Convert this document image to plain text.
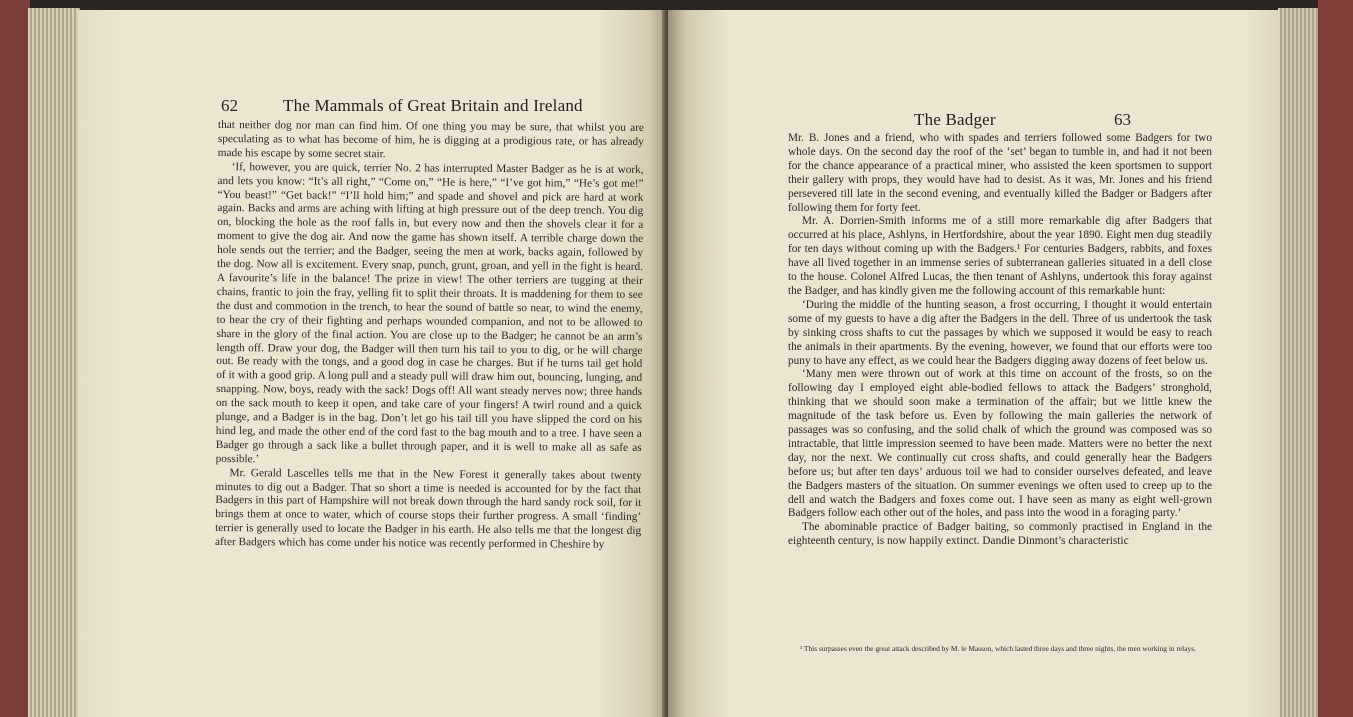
62	The Mammals of Great Britain and Ireland

that neither dog nor man can find him. Of one thing you may be sure, that whilst you are speculating as to what has become of him, he is digging at a prodigious rate, or has already made his escape by some secret stair.

‘If, however, you are quick, terrier No. 2 has interrupted Master Badger as he is at work, and lets you know: “It’s all right,” “Come on,” “He is here,” “I’ve got him,” “He’s got me!” “You beast!” “Get back!” “I’ll hold him;” and spade and shovel and pick are hard at work again. Backs and arms are aching with lifting at high pressure out of the deep trench. You dig on, blocking the hole as the roof falls in, but every now and then the shovels clear it for a moment to give the dog air. And now the game has shown itself. A terrible charge down the hole sends out the terrier; and the Badger, seeing the men at work, backs again, followed by the dog. Now all is excitement. Every snap, punch, grunt, groan, and yell in the fight is heard. A favourite’s life in the balance! The prize in view! The other terriers are tugging at their chains, frantic to join the fray, yelling fit to split their throats. It is maddening for them to see the dust and commotion in the trench, to hear the sound of battle so near, to wind the enemy, to hear the cry of their fighting and perhaps wounded companion, and not to be allowed to share in the glory of the final action. You are close up to the Badger; he cannot be an arm’s length off. Draw your dog, the Badger will then turn his tail to you to dig, or he will charge out. Be ready with the tongs, and a good dog in case he charges. But if he turns tail get hold of it with a good grip. A long pull and a steady pull will draw him out, bouncing, lunging, and snapping. Now, boys, ready with the sack! Dogs off! All want steady nerves now; three hands on the sack mouth to keep it open, and take care of your fingers! A twirl round and a quick plunge, and a Badger is in the bag. Don’t let go his tail till you have slipped the cord on his hind leg, and made the other end of the cord fast to the bag mouth and to a tree. I have seen a Badger go through a sack like a bullet through paper, and it is well to make all as safe as possible.’

Mr. Gerald Lascelles tells me that in the New Forest it generally takes about twenty minutes to dig out a Badger. That so short a time is needed is accounted for by the fact that Badgers in this part of Hampshire will not break down through the hard sandy rock soil, for it brings them at once to water, which of course stops their further progress. A small ‘finding’ terrier is generally used to locate the Badger in his earth. He also tells me that the longest dig after Badgers which has come under his notice was recently performed in Cheshire by

The Badger	63

Mr. B. Jones and a friend, who with spades and terriers followed some Badgers for two whole days. On the second day the roof of the ‘set’ began to tumble in, and had it not been for the chance appearance of a practical miner, who assisted the keen sportsmen to support their gallery with props, they would have had to desist. As it was, Mr. Jones and his friend persevered till late in the second evening, and eventually killed the Badger or Badgers after following them for forty feet.

Mr. A. Dorrien-Smith informs me of a still more remarkable dig after Badgers that occurred at his place, Ashlyns, in Hertfordshire, about the year 1890. Eight men dug steadily for ten days without coming up with the Badgers.¹ For centuries Badgers, rabbits, and foxes have all lived together in an immense series of subterranean galleries situated in a dell close to the house. Colonel Alfred Lucas, the then tenant of Ashlyns, undertook this foray against the Badger, and has kindly given me the following account of this remarkable hunt:

‘During the middle of the hunting season, a frost occurring, I thought it would entertain some of my guests to have a dig after the Badgers in the dell. Three of us undertook the task by sinking cross shafts to cut the passages by which we supposed it would be easy to reach the animals in their apartments. By the evening, however, we found that our efforts were too puny to have any effect, as we could hear the Badgers digging away dozens of feet below us.

‘Many men were thrown out of work at this time on account of the frosts, so on the following day I employed eight able-bodied fellows to attack the Badgers’ stronghold, thinking that we should soon make a termination of the affair; but we little knew the magnitude of the task before us. Even by following the main galleries the network of passages was so confusing, and the solid chalk of which the ground was composed was so intractable, that little impression seemed to have been made. Matters were no better the next day, nor the next. We continually cut cross shafts, and could generally hear the Badgers before us; but after ten days’ arduous toil we had to consider ourselves defeated, and leave the Badgers masters of the situation. On summer evenings we often used to creep up to the dell and watch the Badgers and foxes come out. I have seen as many as eight well-grown Badgers follow each other out of the holes, and pass into the wood in a foraging party.’

The abominable practice of Badger baiting, so commonly practised in England in the eighteenth century, is now happily extinct. Dandie Dinmont’s characteristic

¹ This surpasses even the great attack described by M. le Masson, which lasted three days and three nights, the men working in relays.
